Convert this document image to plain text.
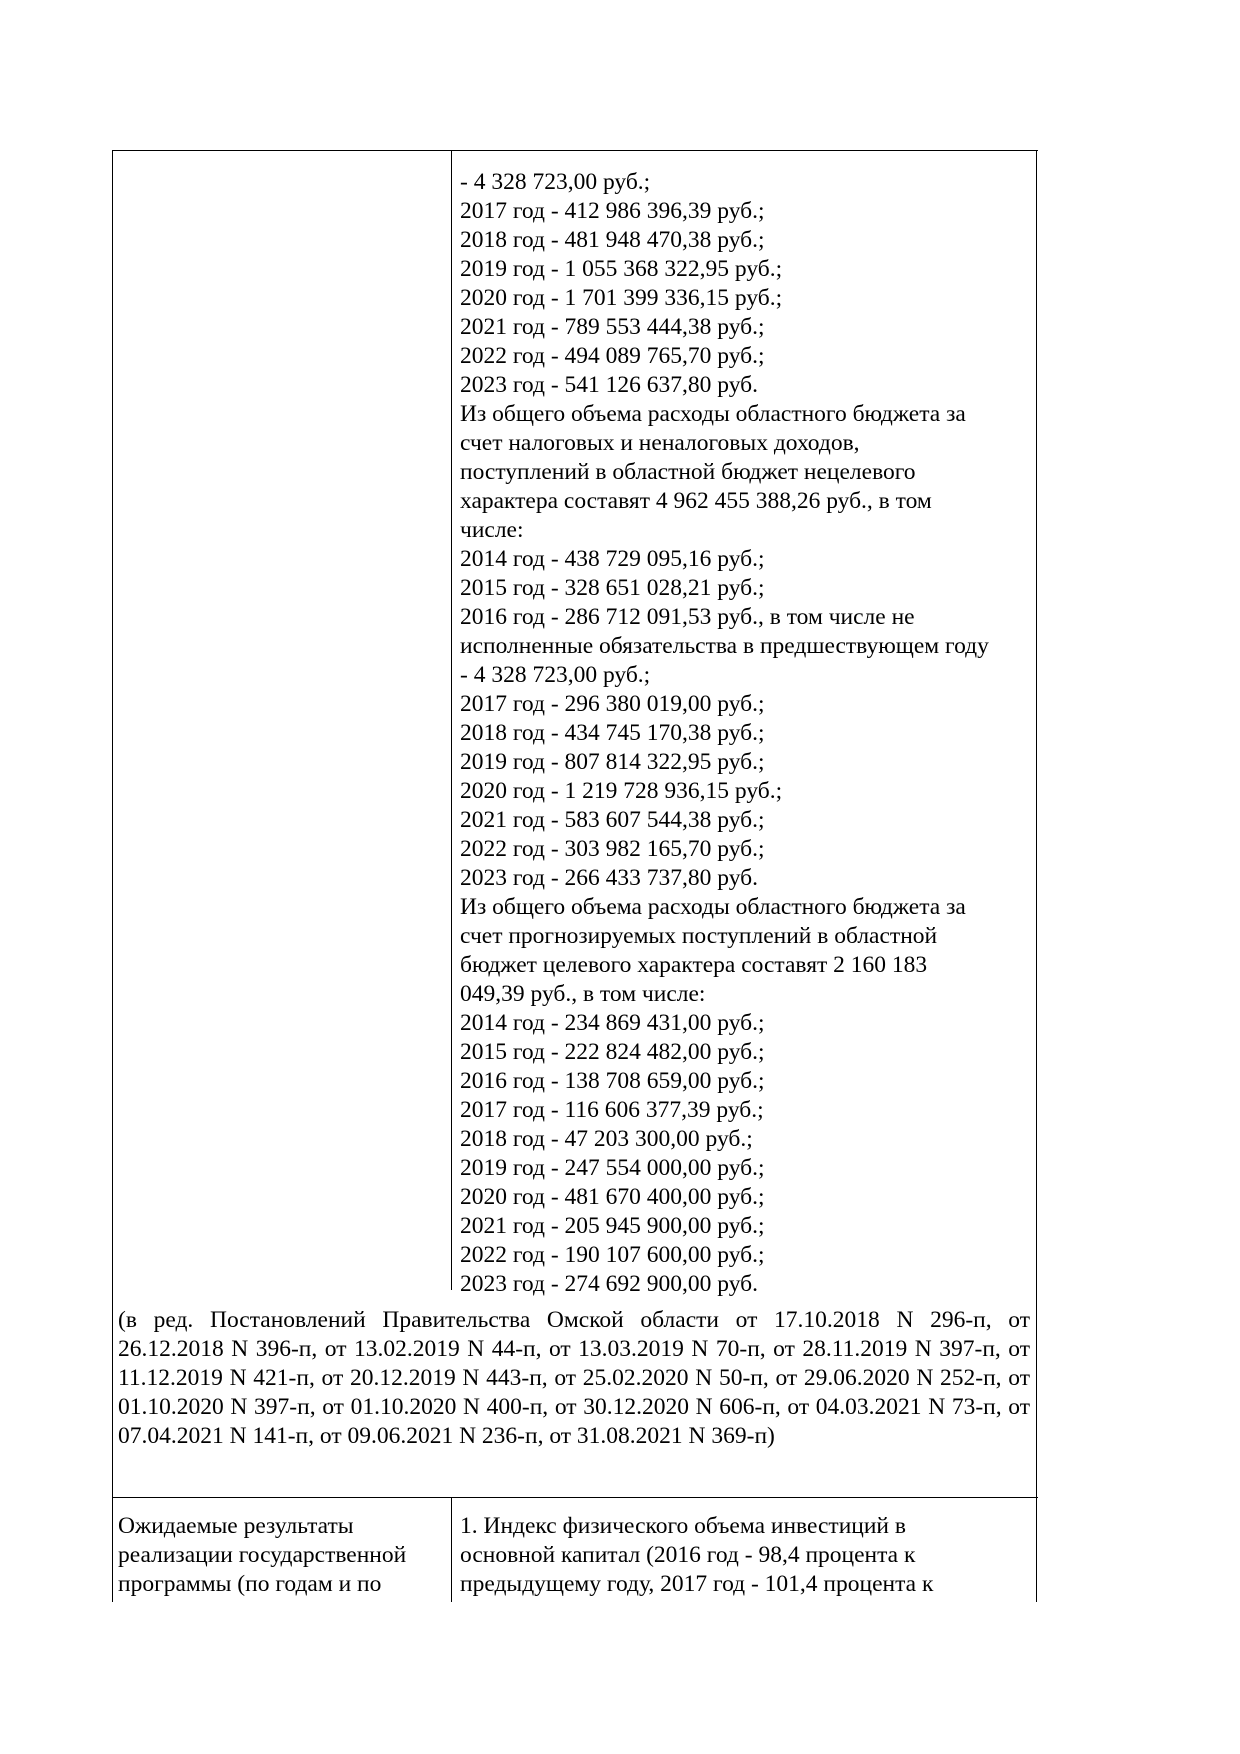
- 4 328 723,00 руб.;
2017 год - 412 986 396,39 руб.;
2018 год - 481 948 470,38 руб.;
2019 год - 1 055 368 322,95 руб.;
2020 год - 1 701 399 336,15 руб.;
2021 год - 789 553 444,38 руб.;
2022 год - 494 089 765,70 руб.;
2023 год - 541 126 637,80 руб.
Из общего объема расходы областного бюджета за
счет налоговых и неналоговых доходов,
поступлений в областной бюджет нецелевого
характера составят 4 962 455 388,26 руб., в том
числе:
2014 год - 438 729 095,16 руб.;
2015 год - 328 651 028,21 руб.;
2016 год - 286 712 091,53 руб., в том числе не
исполненные обязательства в предшествующем году
- 4 328 723,00 руб.;
2017 год - 296 380 019,00 руб.;
2018 год - 434 745 170,38 руб.;
2019 год - 807 814 322,95 руб.;
2020 год - 1 219 728 936,15 руб.;
2021 год - 583 607 544,38 руб.;
2022 год - 303 982 165,70 руб.;
2023 год - 266 433 737,80 руб.
Из общего объема расходы областного бюджета за
счет прогнозируемых поступлений в областной
бюджет целевого характера составят 2 160 183
049,39 руб., в том числе:
2014 год - 234 869 431,00 руб.;
2015 год - 222 824 482,00 руб.;
2016 год - 138 708 659,00 руб.;
2017 год - 116 606 377,39 руб.;
2018 год - 47 203 300,00 руб.;
2019 год - 247 554 000,00 руб.;
2020 год - 481 670 400,00 руб.;
2021 год - 205 945 900,00 руб.;
2022 год - 190 107 600,00 руб.;
2023 год - 274 692 900,00 руб.
(в ред. Постановлений Правительства Омской области от 17.10.2018 N 296-п, от 26.12.2018 N 396-п, от 13.02.2019 N 44-п, от 13.03.2019 N 70-п, от 28.11.2019 N 397-п, от 11.12.2019 N 421-п, от 20.12.2019 N 443-п, от 25.02.2020 N 50-п, от 29.06.2020 N 252-п, от 01.10.2020 N 397-п, от 01.10.2020 N 400-п, от 30.12.2020 N 606-п, от 04.03.2021 N 73-п, от 07.04.2021 N 141-п, от 09.06.2021 N 236-п, от 31.08.2021 N 369-п)
Ожидаемые результаты
реализации государственной
программы (по годам и по
1. Индекс физического объема инвестиций в
основной капитал (2016 год - 98,4 процента к
предыдущему году, 2017 год - 101,4 процента к
